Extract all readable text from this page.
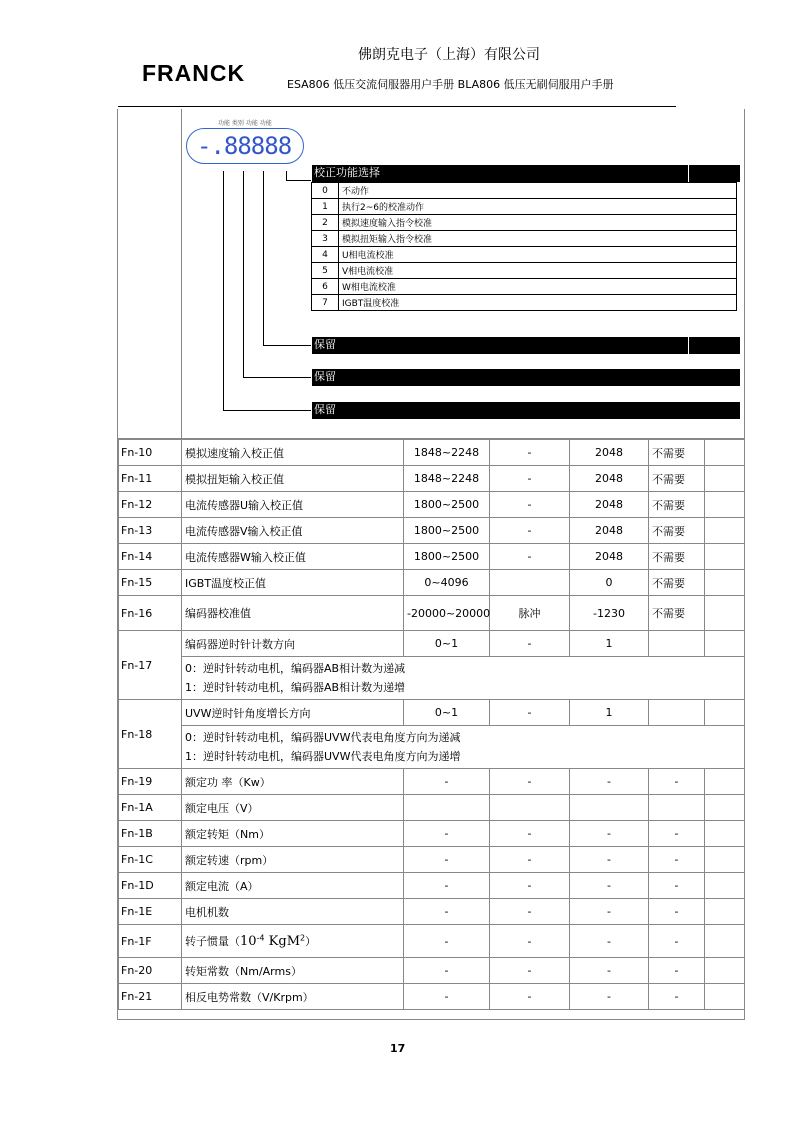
FRANCK
佛朗克电子（上海）有限公司
ESA806 低压交流伺服器用户手册 BLA806 低压无刷伺服用户手册
-.88888
功能 类别 功能 功能
校正功能选择
0	不动作
1	执行2~6的校准动作
2	模拟速度输入指令校准
3	模拟扭矩输入指令校准
4	U相电流校准
5	V相电流校准
6	W相电流校准
7	IGBT温度校准
保留
保留
保留
Fn-10	模拟速度输入校正值	1848~2248	-	2048	不需要	
Fn-11	模拟扭矩输入校正值	1848~2248	-	2048	不需要	
Fn-12	电流传感器U输入校正值	1800~2500	-	2048	不需要	
Fn-13	电流传感器V输入校正值	1800~2500	-	2048	不需要	
Fn-14	电流传感器W输入校正值	1800~2500	-	2048	不需要	
Fn-15	IGBT温度校正值	0~4096		0	不需要	
Fn-16	编码器校准值	-20000~20000	脉冲	-1230	不需要	
Fn-17	编码器逆时针计数方向	0~1	-	1		

	0：逆时针转动电机，编码器AB相计数为递减
1：逆时针转动电机，编码器AB相计数为递增					

Fn-18	UVW逆时针角度增长方向	0~1	-	1		

	0：逆时针转动电机，编码器UVW代表电角度方向为递减
1：逆时针转动电机，编码器UVW代表电角度方向为递增					

Fn-19	额定功 率（Kw）	-	-	-	-	
Fn-1A	额定电压（V）					
Fn-1B	额定转矩（Nm）	-	-	-	-	
Fn-1C	额定转速（rpm）	-	-	-	-	
Fn-1D	额定电流（A）	-	-	-	-	
Fn-1E	电机机数	-	-	-	-	
Fn-1F	转子惯量（$10^{-4}$ KgM$^2$）	-	-	-	-	
Fn-20	转矩常数（Nm/Arms）	-	-	-	-	
Fn-21	相反电势常数（V/Krpm）	-	-	-	-	
17
